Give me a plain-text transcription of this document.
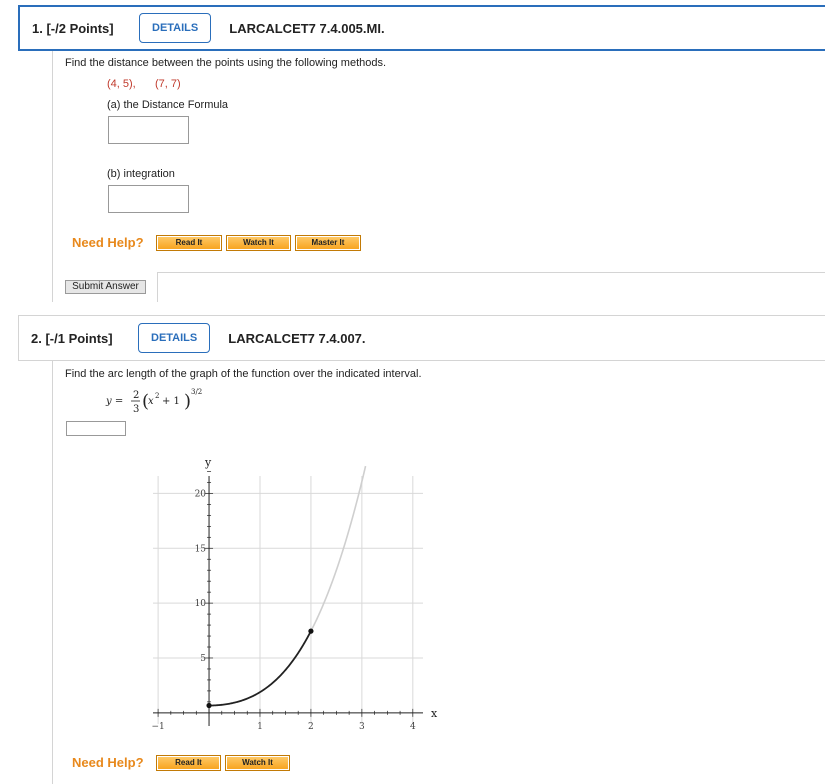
1. [-/2 Points]	DETAILS	LARCALCET7 7.4.005.MI.
Find the distance between the points using the following methods.
(4, 5), (7, 7)
(a) the Distance Formula
(b) integration
Need Help?	Read It	Watch It	Master It
Submit Answer
2. [-/1 Points]	DETAILS	LARCALCET7 7.4.007.
Find the arc length of the graph of the function over the indicated interval.
y =
2
3 (
x 2 + 1 ) 3/2
−1	1	2	3	4
5
10
15
20
x
y
Need Help?	Read It	Watch It
